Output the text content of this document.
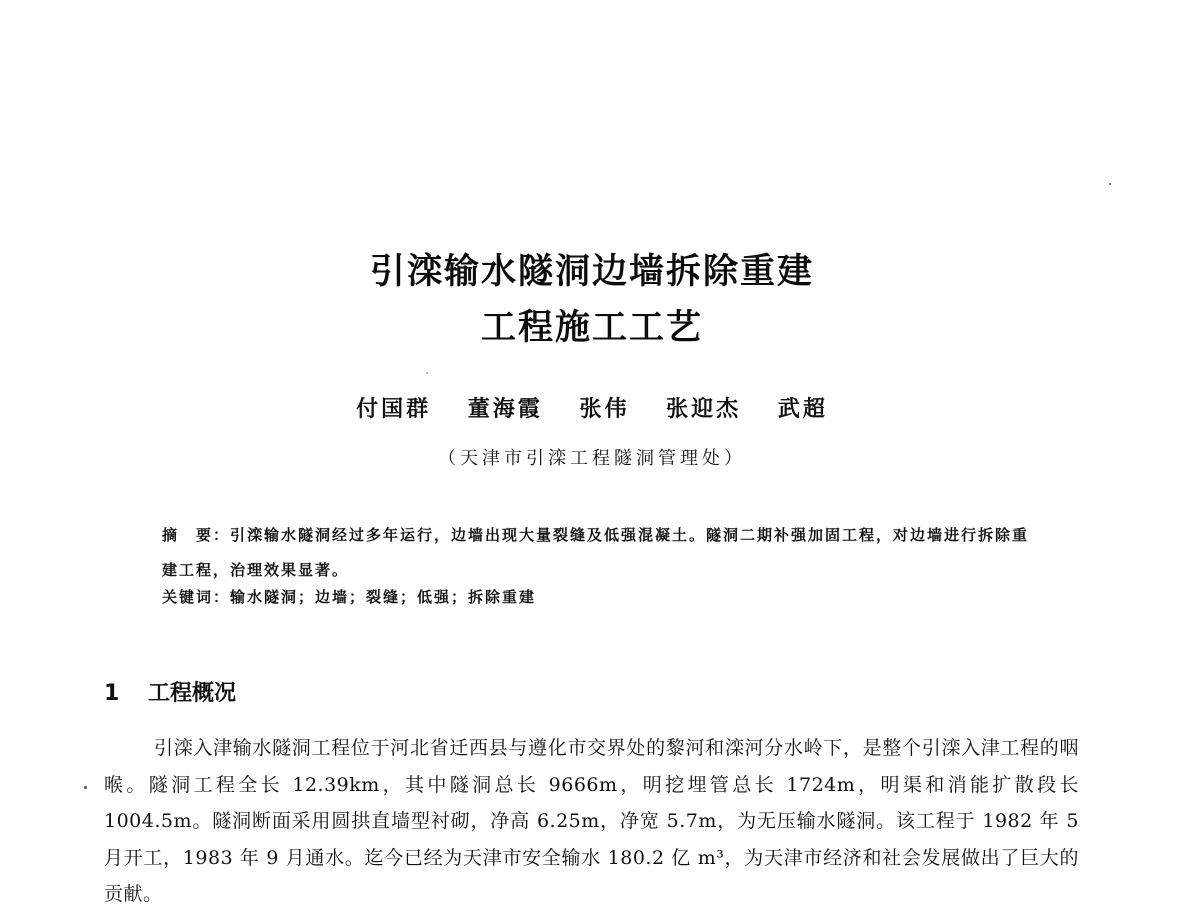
引滦输水隧洞边墙拆除重建
工程施工工艺
付国群 董海霞 张伟 张迎杰 武超
（天津市引滦工程隧洞管理处）
摘　要：引滦输水隧洞经过多年运行，边墙出现大量裂缝及低强混凝土。隧洞二期补强加固工程，对边墙进行拆除重建工程，治理效果显著。
关键词：输水隧洞；边墙；裂缝；低强；拆除重建
1 工程概况
引滦入津输水隧洞工程位于河北省迁西县与遵化市交界处的黎河和滦河分水岭下，是整个引滦入津工程的咽喉。隧洞工程全长 12.39km，其中隧洞总长 9666m，明挖埋管总长 1724m，明渠和消能扩散段长 1004.5m。隧洞断面采用圆拱直墙型衬砌，净高 6.25m，净宽 5.7m，为无压输水隧洞。该工程于 1982 年 5 月开工，1983 年 9 月通水。迄今已经为天津市安全输水 180.2 亿 m³，为天津市经济和社会发展做出了巨大的贡献。
